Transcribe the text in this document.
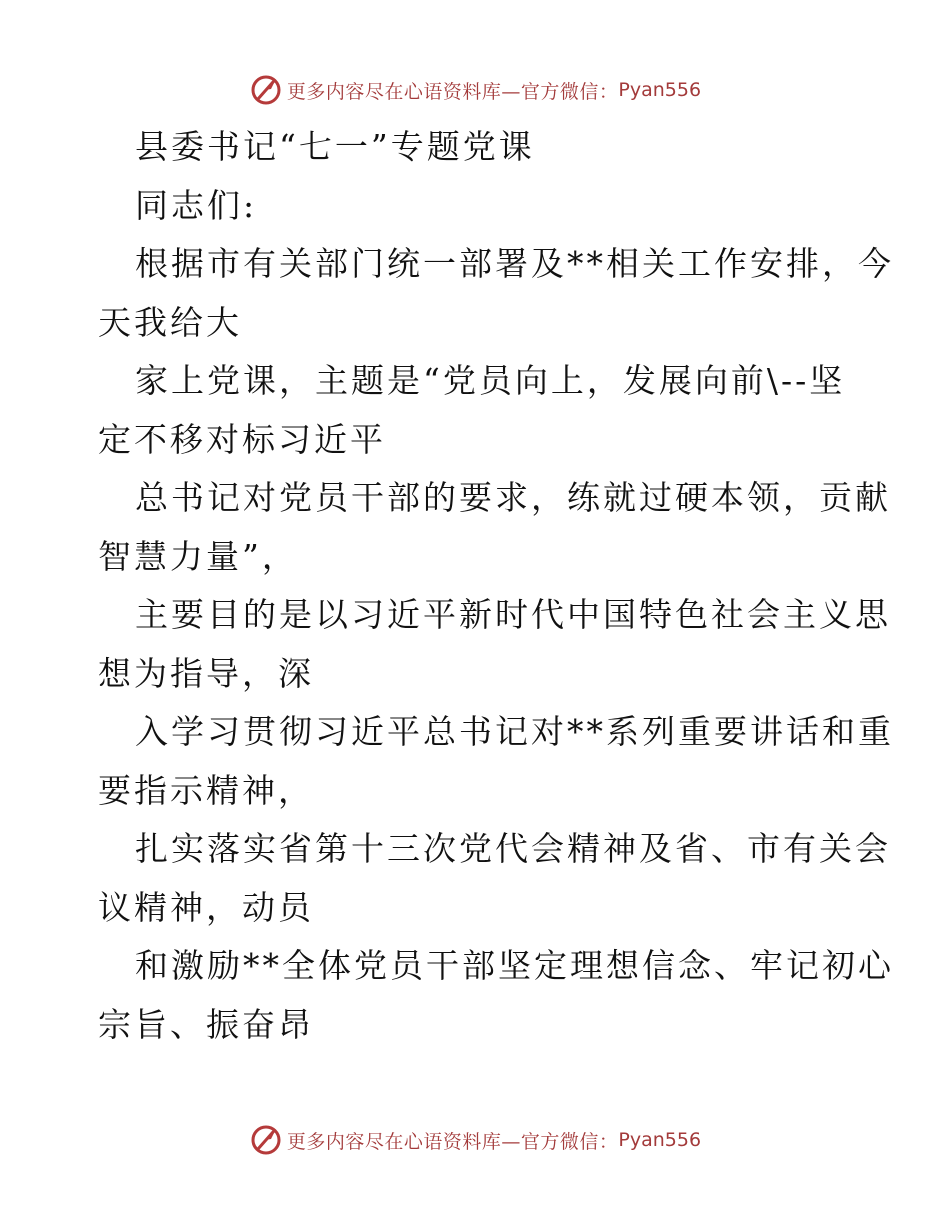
更多内容尽在心语资料库—官方微信： Pyan556
县委书记“七一”专题党课
同志们:
根据市有关部门统一部署及**相关工作安排，今
天我给大
家上党课，主题是“党员向上，发展向前\--坚
定不移对标习近平
总书记对党员干部的要求，练就过硬本领，贡献
智慧力量”，
主要目的是以习近平新时代中国特色社会主义思
想为指导，深
入学习贯彻习近平总书记对**系列重要讲话和重
要指示精神，
扎实落实省第十三次党代会精神及省、市有关会
议精神，动员
和激励**全体党员干部坚定理想信念、牢记初心
宗旨、振奋昂
更多内容尽在心语资料库—官方微信： Pyan556
